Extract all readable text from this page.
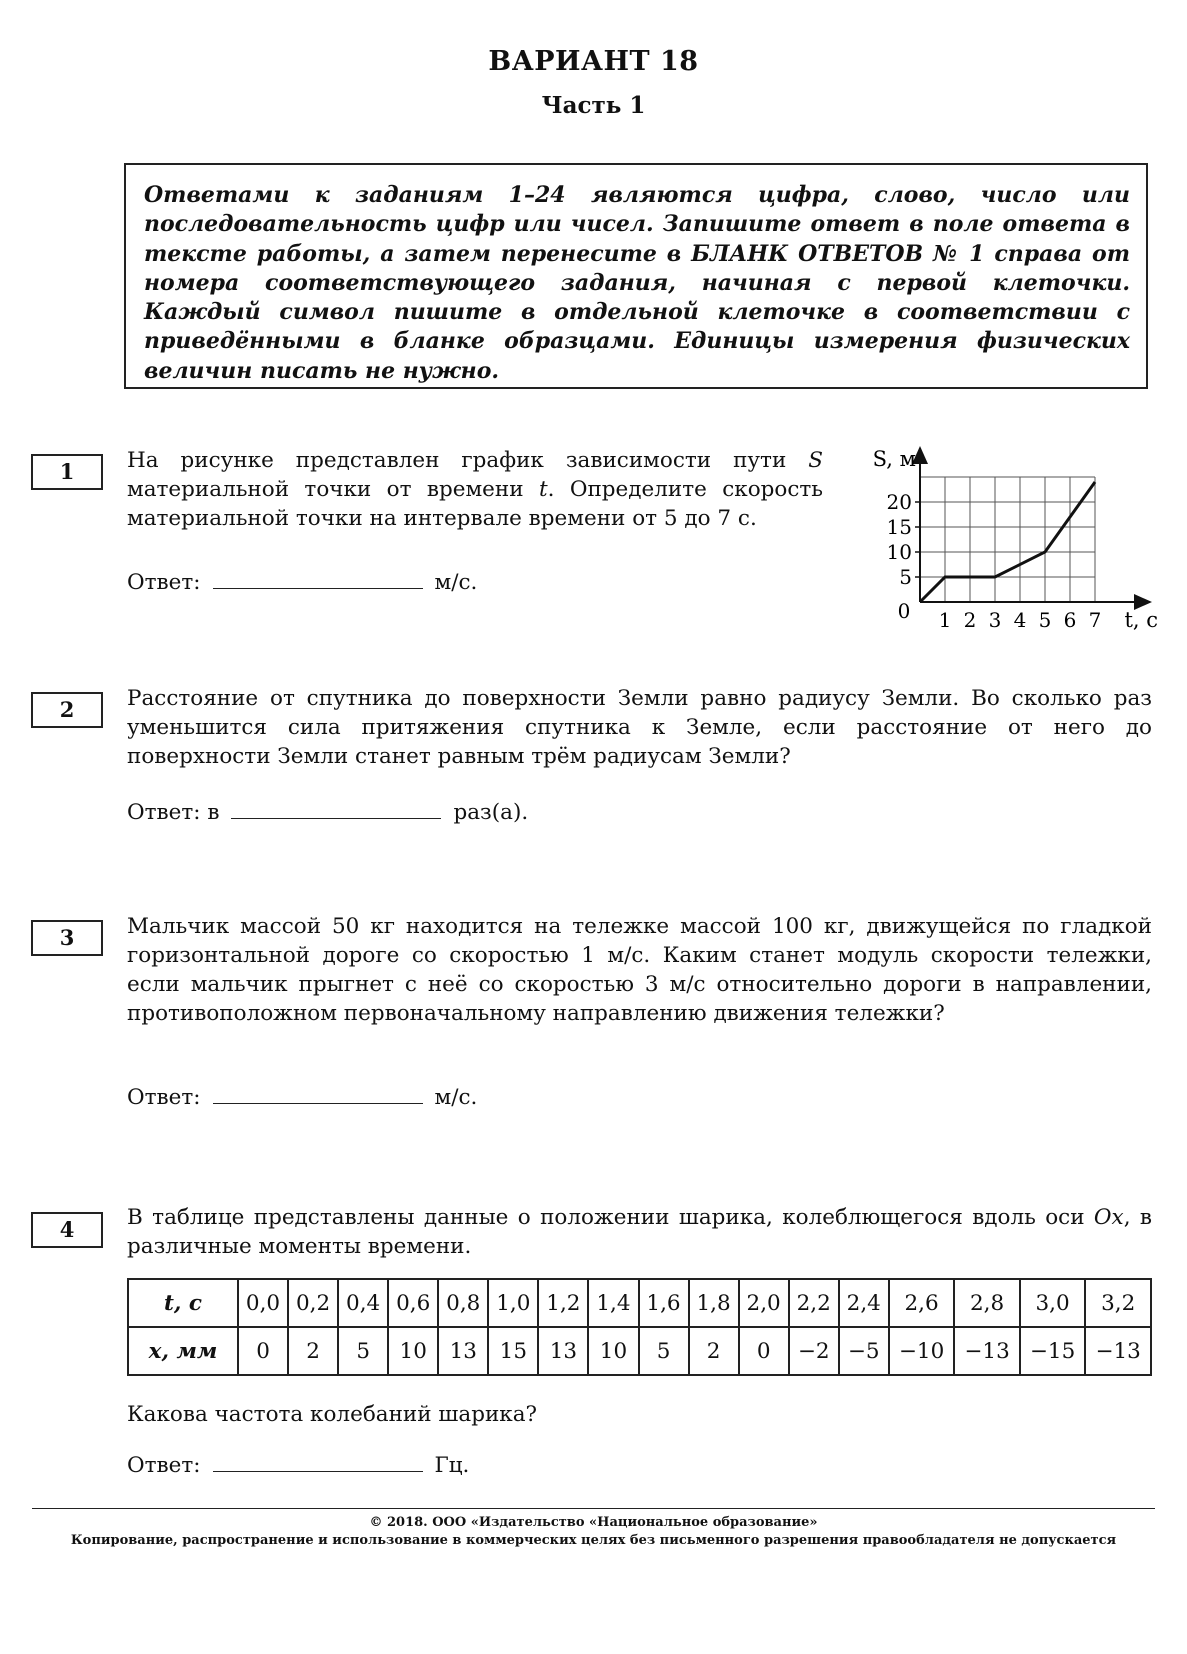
ВАРИАНТ 18
Часть 1
Ответами к заданиям 1–24 являются цифра, слово, число или последовательность цифр или чисел. Запишите ответ в поле ответа в тексте работы, а затем перенесите в БЛАНК ОТВЕТОВ № 1 справа от номера соответствующего задания, начиная с первой клеточки. Каждый символ пишите в отдельной клеточке в соответствии с приведёнными в бланке образцами. Единицы измерения физических величин писать не нужно.
1	На рисунке представлен график зависимости пути S материальной точки от времени t. Определите скорость материальной точки на интервале времени от 5 до 7 с.
Ответ:	м/с.
S, м
t, с
0 1 2 3 4 5 6 7
5
10
15
20
2	Расстояние от спутника до поверхности Земли равно радиусу Земли. Во сколько раз уменьшится сила притяжения спутника к Земле, если расстояние от него до поверхности Земли станет равным трём радиусам Земли?
Ответ: в	раз(а).
3	Мальчик массой 50 кг находится на тележке массой 100 кг, движущейся по гладкой горизонтальной дороге со скоростью 1 м/с. Каким станет модуль скорости тележки, если мальчик прыгнет с неё со скоростью 3 м/с относительно дороги в направлении, противоположном первоначальному направлению движения тележки?
Ответ:	м/с.
4	В таблице представлены данные о положении шарика, колеблющегося вдоль оси Ox, в различные моменты времени.
t, с	0,0	0,2	0,4	0,6	0,8	1,0	1,2	1,4	1,6	1,8	2,0	2,2	2,4	2,6	2,8	3,0	3,2
x, мм	0	2	5	10	13	15	13	10	5	2	0	−2	−5	−10	−13	−15	−13
Какова частота колебаний шарика?
Ответ:	Гц.
© 2018. ООО «Издательство «Национальное образование»
Копирование, распространение и использование в коммерческих целях без письменного разрешения правообладателя не допускается
